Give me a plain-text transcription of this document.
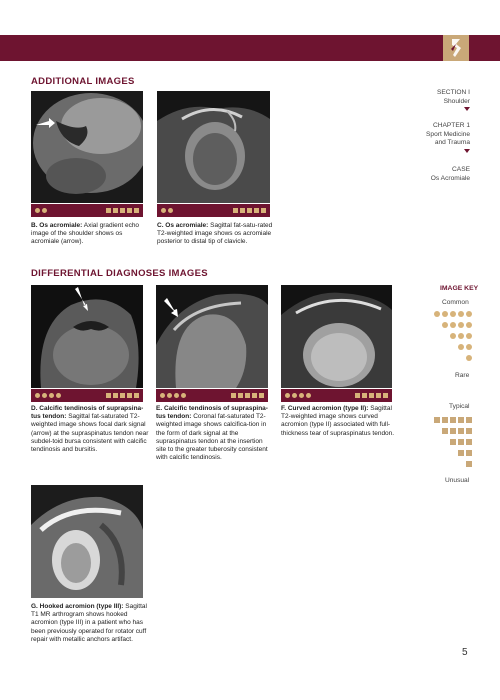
ADDITIONAL IMAGES
B. Os acromiale: Axial gradient echo image of the shoulder shows os acromiale (arrow).
C. Os acromiale: Sagittal fat-satu-rated T2-weighted image shows os acromiale posterior to distal tip of clavicle.
DIFFERENTIAL DIAGNOSES IMAGES
D. Calcific tendinosis of suprapsina-tus tendon: Sagittal fat-saturated T2-weighted image shows focal dark signal (arrow) at the supraspinatus tendon near subdel-toid bursa consistent with calcific tendinosis and bursitis.
E. Calcific tendinosis of supraspina-tus tendon: Coronal fat-saturated T2-weighted image shows calcifica-tion in the form of dark signal at the supraspinatus tendon at the insertion site to the greater tuberosity consistent with calcific tendinosis.
F. Curved acromion (type II): Sagittal T2-weighted image shows curved acromion (type II) associated with full-thickness tear of supraspinatus tendon.
G. Hooked acromion (type III): Sagittal T1 MR arthrogram shows hooked acromion (type III) in a patient who has been previously operated for rotator cuff repair with metallic anchors artifact.
SECTION I
Shoulder
CHAPTER 1
Sport Medicine
and Trauma
CASE
Os Acromiale
IMAGE KEY
Common
Rare
Typical
Unusual
5
